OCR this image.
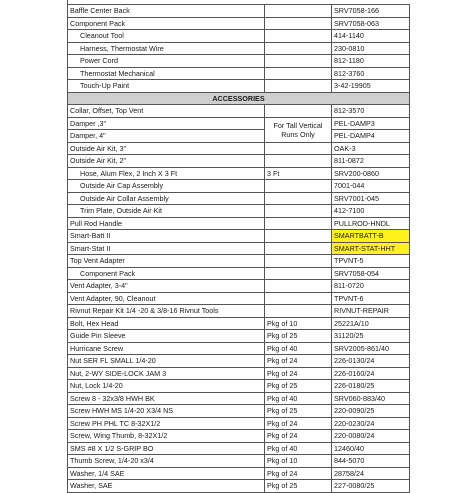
Baffle Center Back		SRV7058-166
Component Pack		SRV7058-063
Cleanout Tool		414-1140
Harness, Thermostat Wire		230-0810
Power Cord		812-1180
Thermostat Mechanical		812-3760
Touch-Up Paint		3-42-19905
ACCESSORIES		
Collar, Offset, Top Vent		812-3570
Damper ,3"	For Tall Vertical Runs Only	PEL-DAMP3
Damper, 4"		PEL-DAMP4
Outside Air Kit, 3"		OAK-3
Outside Air Kit, 2"		811-0872
Hose, Alum Flex, 2 Inch X 3 Ft	3 Ft	SRV200-0860
Outside Air Cap Assembly		7001-044
Outside Air Collar Assembly		SRV7001-045
Trim Plate, Outside Air Kit		412-7100
Pull Rod Handle		PULLROD-HNDL
Smart-Batt II		SMARTBATT-B
Smart-Stat II		SMART-STAT-HHT
Top Vent Adapter		TPVNT-5
Component Pack		SRV7058-054
Vent Adapter, 3-4"		811-0720
Vent Adapter, 90, Cleanout		TPVNT-6
Rivnut Repair Kit 1/4 -20 & 3/8-16 Rivnut Tools		RIVNUT-REPAIR
Bolt, Hex Head	Pkg of 10	25221A/10
Guide Pin Sleeve	Pkg of 25	31120/25
Hurricane Screw	Pkg of 40	SRV2005-861/40
Nut SER FL SMALL 1/4-20	Pkg of 24	226-0130/24
Nut, 2-WY SIDE-LOCK JAM 3	Pkg of 24	226-0160/24
Nut, Lock 1/4-20	Pkg of 25	226-0180/25
Screw 8 - 32x3/8 HWH BK	Pkg of 40	SRV060-883/40
Screw HWH MS 1/4-20 X3/4 NS	Pkg of 25	220-0090/25
Screw PH PHL TC 8-32X1/2	Pkg of 24	220-0230/24
Screw, Wing Thumb, 8-32X1/2	Pkg of 24	220-0080/24
SMS #8 X 1/2 S-GRIP BO	Pkg of 40	12460/40
Thumb Screw, 1/4-20 x3/4	Pkg of 10	844-5070
Washer, 1/4 SAE	Pkg of 24	28758/24
Washer, SAE	Pkg of 25	227-0080/25
